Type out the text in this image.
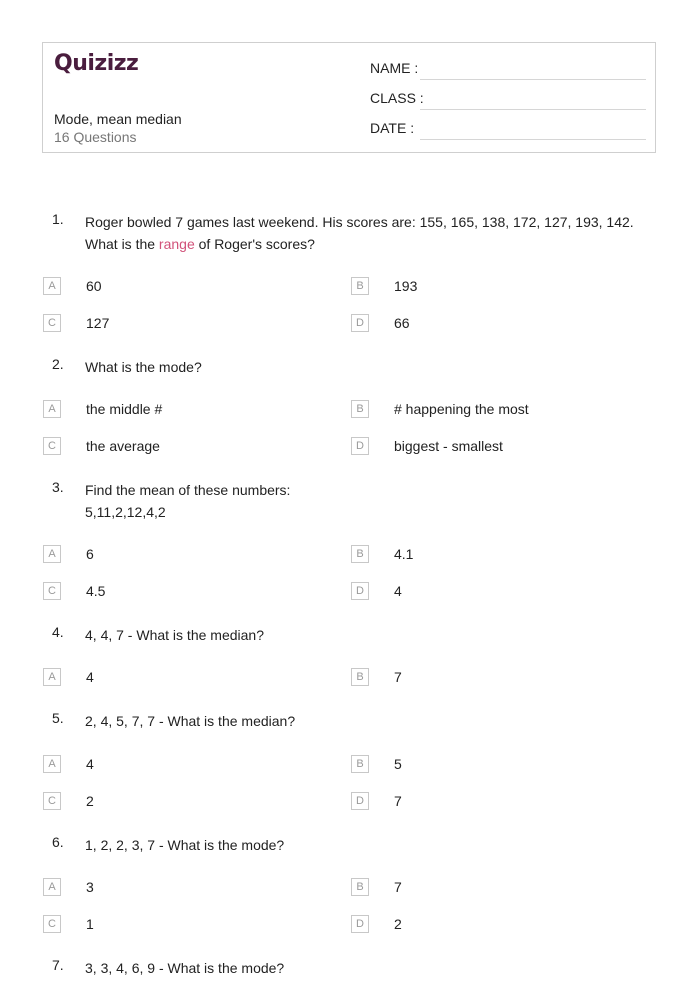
Quizizz
Mode, mean median
16 Questions
NAME :
CLASS :
DATE :
1. Roger bowled 7 games last weekend. His scores are: 155, 165, 138, 172, 127, 193, 142. What is the range of Roger's scores?
A	60	B	193
C	127	D	66
2. What is the mode?
A	the middle #	B	# happening the most
C	the average	D	biggest - smallest
3. Find the mean of these numbers:
5,11,2,12,4,2
A	6	B	4.1
C	4.5	D	4
4. 4, 4, 7 - What is the median?
A	4	B	7
5. 2, 4, 5, 7, 7 - What is the median?
A	4	B	5
C	2	D	7
6. 1, 2, 2, 3, 7 - What is the mode?
A	3	B	7
C	1	D	2
7. 3, 3, 4, 6, 9 - What is the mode?
